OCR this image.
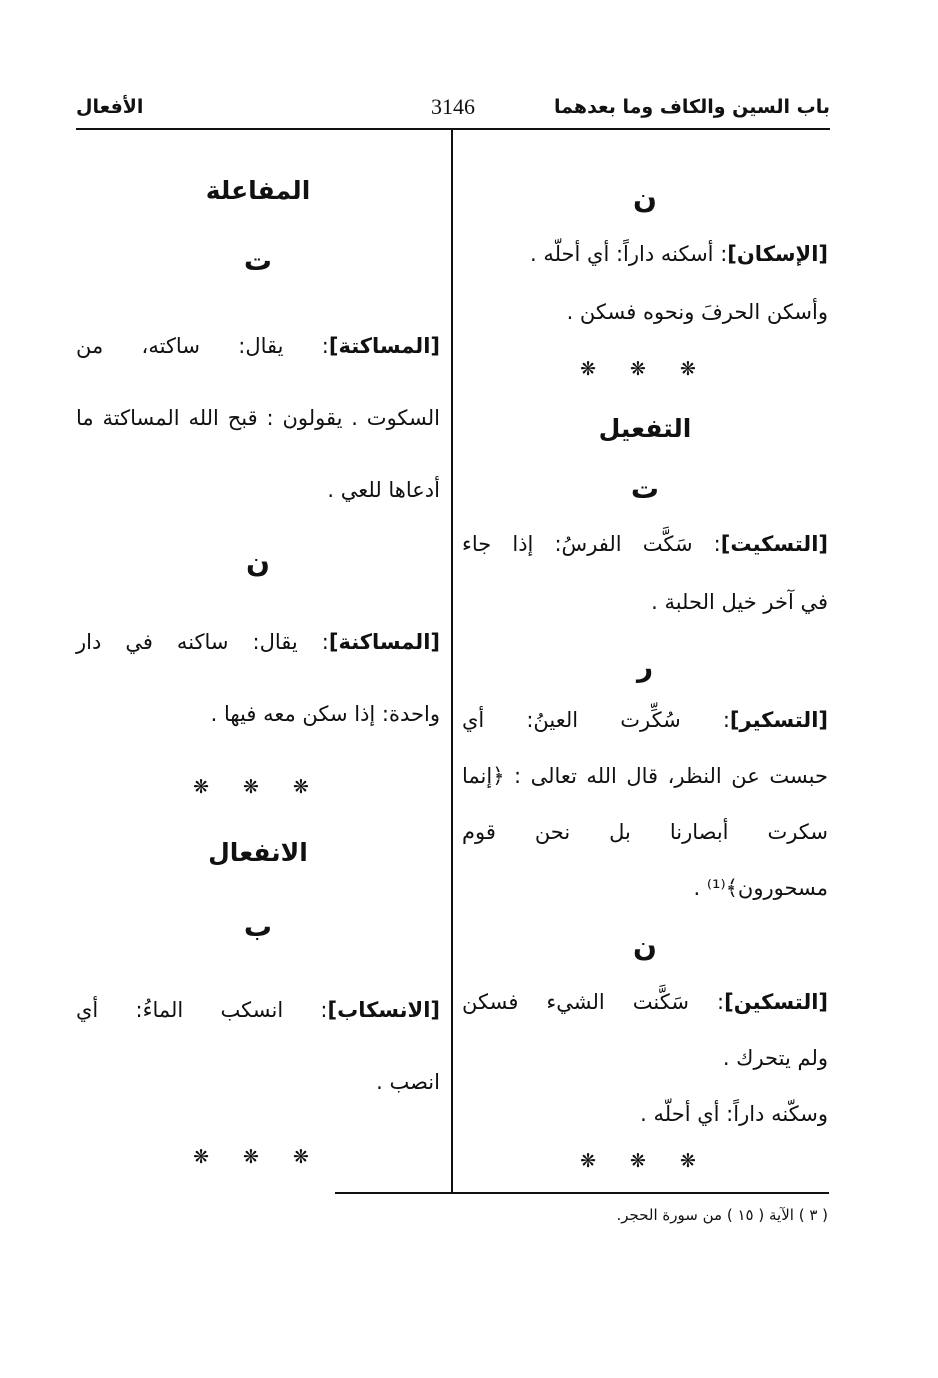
باب السين والكاف وما بعدهما
3146
الأفعال
ن
[الإسكان]: أسكنه داراً: أي أحلّه .
وأسكن الحرفَ ونحوه فسكن .
❋ ❋ ❋
التفعيل
ت
[التسكيت]: سَكَّت الفرسُ: إذا جاء
في آخر خيل الحلبة .
ر
[التسكير]: سُكِّرت العينُ: أي
حبست عن النظر، قال الله تعالى : ﴿إنما
سكرت أبصارنا بل نحن قوم
مسحورون﴾⁽¹⁾ .
ن
[التسكين]: سَكَّنت الشيء فسكن
ولم يتحرك .
وسكّنه داراً: أي أحلّه .
❋ ❋ ❋
المفاعلة
ت
[المساكتة]: يقال: ساكته، من
السكوت . يقولون : قبح الله المساكتة ما
أدعاها للعي .
ن
[المساكنة]: يقال: ساكنه في دار
واحدة: إذا سكن معه فيها .
❋ ❋ ❋
الانفعال
ب
[الانسكاب]: انسكب الماءُ: أي
انصب .
❋ ❋ ❋
( ٣ ) الآية ( ١٥ ) من سورة الحجر.
